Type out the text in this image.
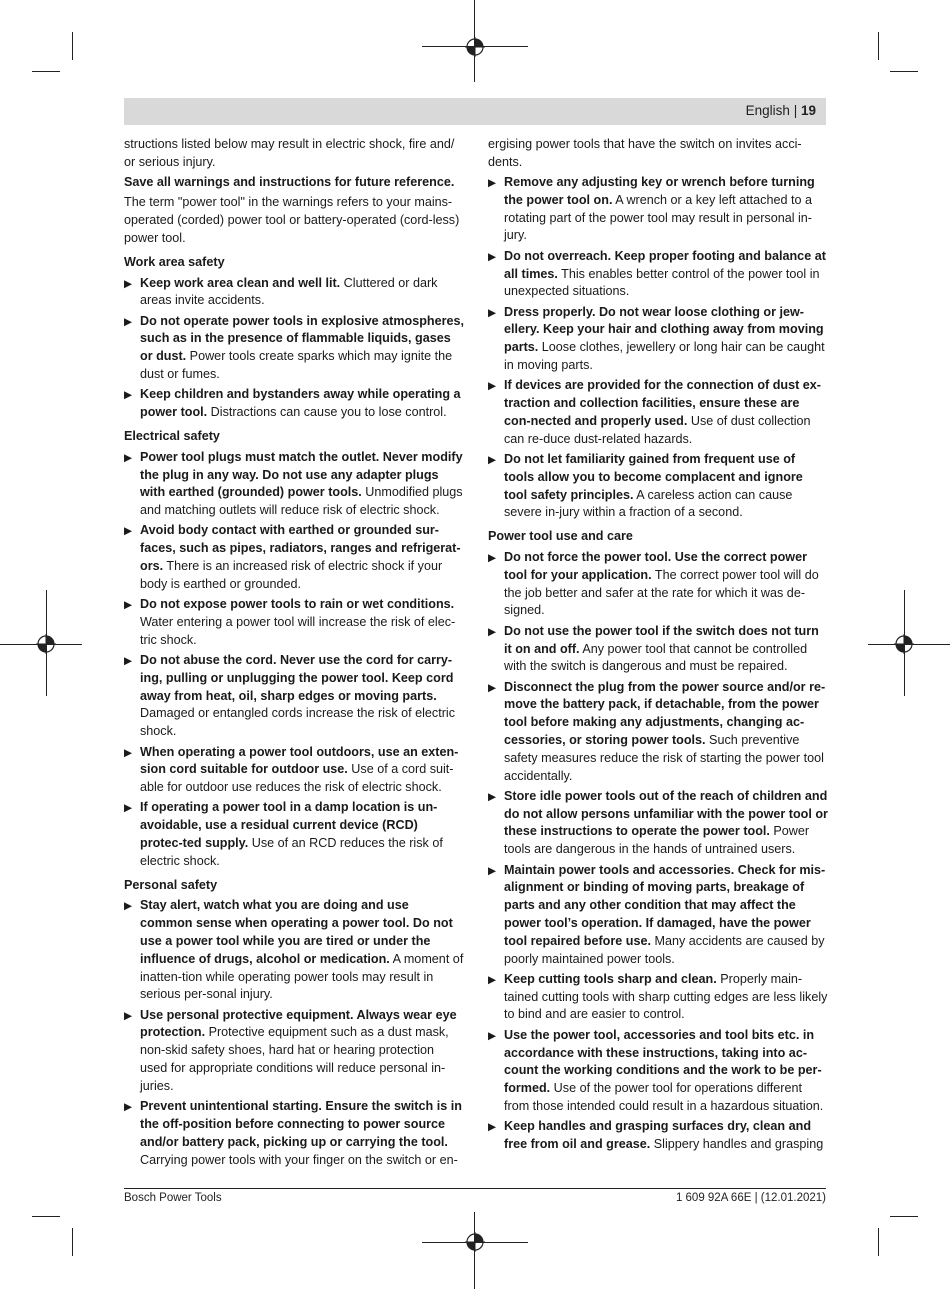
English | 19

structions listed below may result in electric shock, fire and/ or serious injury.

Save all warnings and instructions for future reference.

The term "power tool" in the warnings refers to your mains-operated (corded) power tool or battery-operated (cord-less) power tool.

Work area safety
▶ Keep work area clean and well lit. Cluttered or dark areas invite accidents.
▶ Do not operate power tools in explosive atmospheres, such as in the presence of flammable liquids, gases or dust. Power tools create sparks which may ignite the dust or fumes.
▶ Keep children and bystanders away while operating a power tool. Distractions can cause you to lose control.
Electrical safety
▶ Power tool plugs must match the outlet. Never modify the plug in any way. Do not use any adapter plugs with earthed (grounded) power tools. Unmodified plugs and matching outlets will reduce risk of electric shock.
▶ Avoid body contact with earthed or grounded sur-faces, such as pipes, radiators, ranges and refrigerat-ors. There is an increased risk of electric shock if your body is earthed or grounded.
▶ Do not expose power tools to rain or wet conditions. Water entering a power tool will increase the risk of elec-tric shock.
▶ Do not abuse the cord. Never use the cord for carry-ing, pulling or unplugging the power tool. Keep cord away from heat, oil, sharp edges or moving parts. Damaged or entangled cords increase the risk of electric shock.
▶ When operating a power tool outdoors, use an exten-sion cord suitable for outdoor use. Use of a cord suit-able for outdoor use reduces the risk of electric shock.
▶ If operating a power tool in a damp location is un-avoidable, use a residual current device (RCD) protec-ted supply. Use of an RCD reduces the risk of electric shock.
Personal safety
▶ Stay alert, watch what you are doing and use common sense when operating a power tool. Do not use a power tool while you are tired or under the influence of drugs, alcohol or medication. A moment of inatten-tion while operating power tools may result in serious per-sonal injury.
▶ Use personal protective equipment. Always wear eye protection. Protective equipment such as a dust mask, non-skid safety shoes, hard hat or hearing protection used for appropriate conditions will reduce personal in-juries.
▶ Prevent unintentional starting. Ensure the switch is in the off-position before connecting to power source and/or battery pack, picking up or carrying the tool. Carrying power tools with your finger on the switch or en-

ergising power tools that have the switch on invites acci-dents.

▶ Remove any adjusting key or wrench before turning the power tool on. A wrench or a key left attached to a rotating part of the power tool may result in personal in-jury.
▶ Do not overreach. Keep proper footing and balance at all times. This enables better control of the power tool in unexpected situations.
▶ Dress properly. Do not wear loose clothing or jew-ellery. Keep your hair and clothing away from moving parts. Loose clothes, jewellery or long hair can be caught in moving parts.
▶ If devices are provided for the connection of dust ex-traction and collection facilities, ensure these are con-nected and properly used. Use of dust collection can re-duce dust-related hazards.
▶ Do not let familiarity gained from frequent use of tools allow you to become complacent and ignore tool safety principles. A careless action can cause severe in-jury within a fraction of a second.
Power tool use and care
▶ Do not force the power tool. Use the correct power tool for your application. The correct power tool will do the job better and safer at the rate for which it was de-signed.
▶ Do not use the power tool if the switch does not turn it on and off. Any power tool that cannot be controlled with the switch is dangerous and must be repaired.
▶ Disconnect the plug from the power source and/or re-move the battery pack, if detachable, from the power tool before making any adjustments, changing ac-cessories, or storing power tools. Such preventive safety measures reduce the risk of starting the power tool accidentally.
▶ Store idle power tools out of the reach of children and do not allow persons unfamiliar with the power tool or these instructions to operate the power tool. Power tools are dangerous in the hands of untrained users.
▶ Maintain power tools and accessories. Check for mis-alignment or binding of moving parts, breakage of parts and any other condition that may affect the power tool’s operation. If damaged, have the power tool repaired before use. Many accidents are caused by poorly maintained power tools.
▶ Keep cutting tools sharp and clean. Properly main-tained cutting tools with sharp cutting edges are less likely to bind and are easier to control.
▶ Use the power tool, accessories and tool bits etc. in accordance with these instructions, taking into ac-count the working conditions and the work to be per-formed. Use of the power tool for operations different from those intended could result in a hazardous situation.
▶ Keep handles and grasping surfaces dry, clean and free from oil and grease. Slippery handles and grasping
Bosch Power Tools	1 609 92A 66E | (12.01.2021)
